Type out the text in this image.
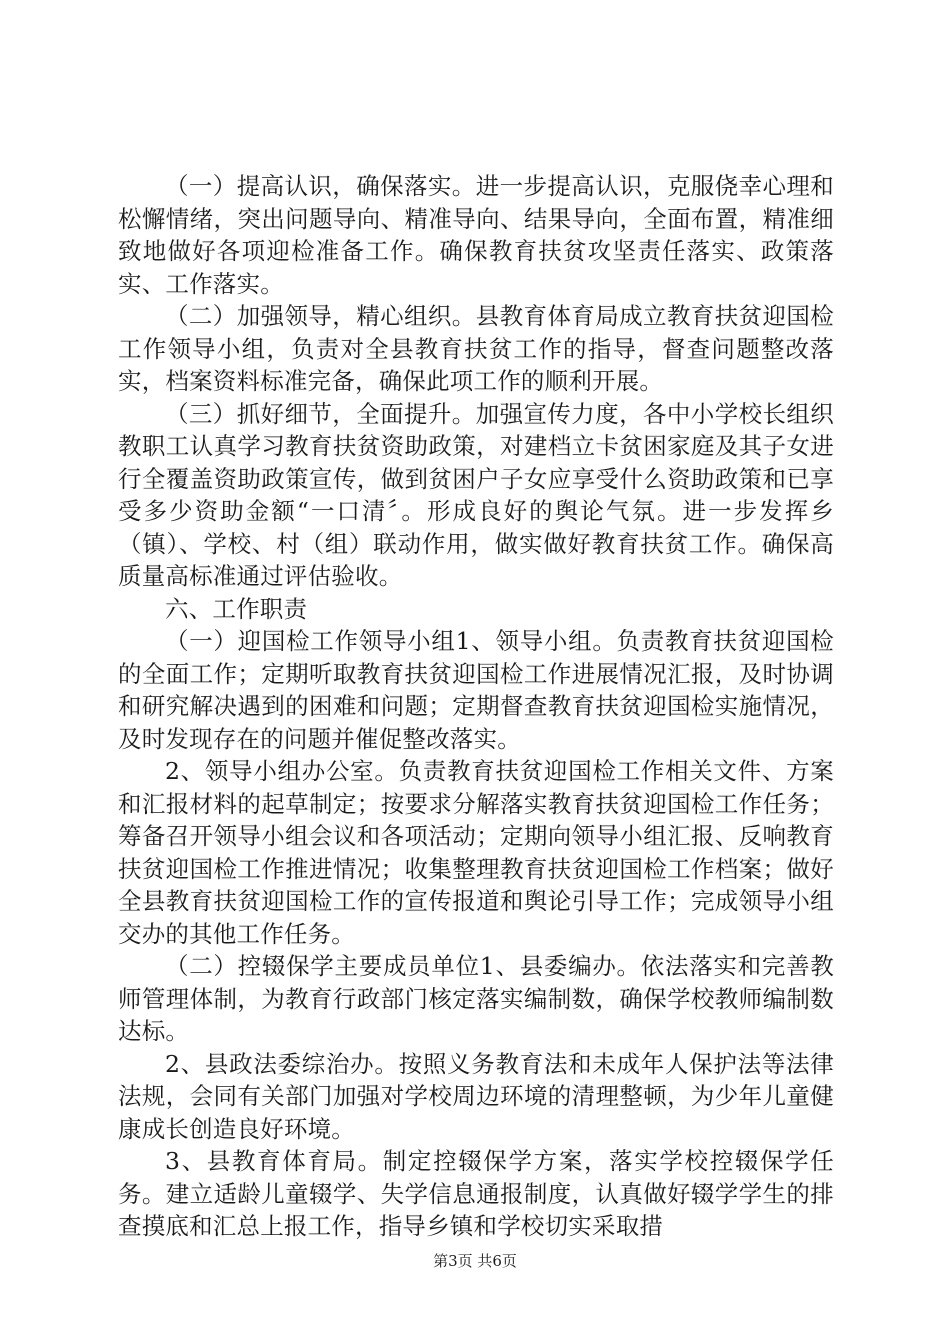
（一）提高认识，确保落实。进一步提高认识，克服侥幸心理和松懈情绪，突出问题导向、精准导向、结果导向，全面布置，精准细致地做好各项迎检准备工作。确保教育扶贫攻坚责任落实、政策落实、工作落实。

（二）加强领导，精心组织。县教育体育局成立教育扶贫迎国检工作领导小组，负责对全县教育扶贫工作的指导，督查问题整改落实，档案资料标准完备，确保此项工作的顺利开展。

（三）抓好细节，全面提升。加强宣传力度，各中小学校长组织教职工认真学习教育扶贫资助政策，对建档立卡贫困家庭及其子女进行全覆盖资助政策宣传，做到贫困户子女应享受什么资助政策和已享受多少资助金额“一口清〞。形成良好的舆论气氛。进一步发挥乡（镇）、学校、村（组）联动作用，做实做好教育扶贫工作。确保高质量高标准通过评估验收。

六、工作职责

（一）迎国检工作领导小组1、领导小组。负责教育扶贫迎国检的全面工作；定期听取教育扶贫迎国检工作进展情况汇报，及时协调和研究解决遇到的困难和问题；定期督查教育扶贫迎国检实施情况，及时发现存在的问题并催促整改落实。

2、领导小组办公室。负责教育扶贫迎国检工作相关文件、方案和汇报材料的起草制定；按要求分解落实教育扶贫迎国检工作任务；筹备召开领导小组会议和各项活动；定期向领导小组汇报、反响教育扶贫迎国检工作推进情况；收集整理教育扶贫迎国检工作档案；做好全县教育扶贫迎国检工作的宣传报道和舆论引导工作；完成领导小组交办的其他工作任务。

（二）控辍保学主要成员单位1、县委编办。依法落实和完善教师管理体制，为教育行政部门核定落实编制数，确保学校教师编制数达标。

2、县政法委综治办。按照义务教育法和未成年人保护法等法律法规，会同有关部门加强对学校周边环境的清理整顿，为少年儿童健康成长创造良好环境。

3、县教育体育局。制定控辍保学方案，落实学校控辍保学任务。建立适龄儿童辍学、失学信息通报制度，认真做好辍学学生的排查摸底和汇总上报工作，指导乡镇和学校切实采取措

第3页 共6页
